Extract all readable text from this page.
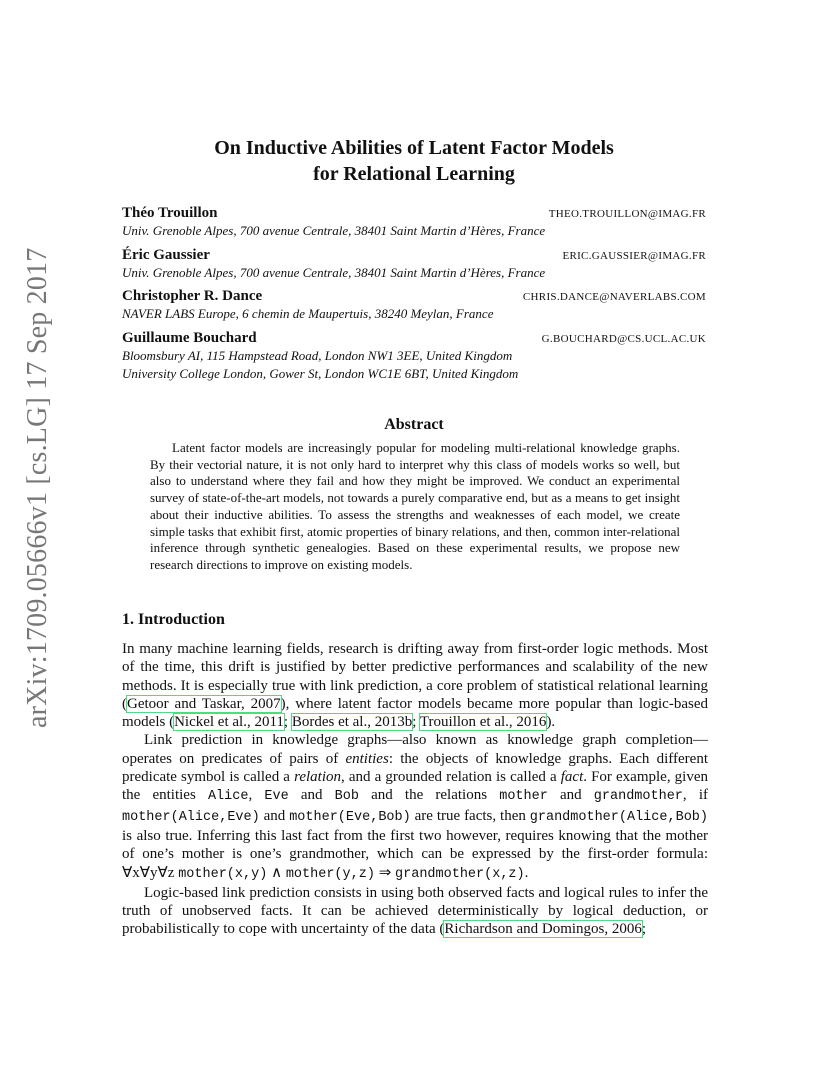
arXiv:1709.05666v1 [cs.LG] 17 Sep 2017
On Inductive Abilities of Latent Factor Models
for Relational Learning
Théo Trouillon	THEO.TROUILLON@IMAG.FR
Univ. Grenoble Alpes, 700 avenue Centrale, 38401 Saint Martin d’Hères, France
Éric Gaussier	ERIC.GAUSSIER@IMAG.FR
Univ. Grenoble Alpes, 700 avenue Centrale, 38401 Saint Martin d’Hères, France
Christopher R. Dance	CHRIS.DANCE@NAVERLABS.COM
NAVER LABS Europe, 6 chemin de Maupertuis, 38240 Meylan, France
Guillaume Bouchard	G.BOUCHARD@CS.UCL.AC.UK
Bloomsbury AI, 115 Hampstead Road, London NW1 3EE, United Kingdom
University College London, Gower St, London WC1E 6BT, United Kingdom
Abstract
Latent factor models are increasingly popular for modeling multi-relational knowledge graphs. By their vectorial nature, it is not only hard to interpret why this class of models works so well, but also to understand where they fail and how they might be improved. We conduct an experimental survey of state-of-the-art models, not towards a purely comparative end, but as a means to get insight about their inductive abilities. To assess the strengths and weaknesses of each model, we create simple tasks that exhibit first, atomic properties of binary relations, and then, common inter-relational inference through synthetic genealogies. Based on these experimental results, we propose new research directions to improve on existing models.
1. Introduction

In many machine learning fields, research is drifting away from first-order logic methods. Most of the time, this drift is justified by better predictive performances and scalability of the new methods. It is especially true with link prediction, a core problem of statistical relational learning (Getoor and Taskar, 2007), where latent factor models became more popular than logic-based models (Nickel et al., 2011; Bordes et al., 2013b; Trouillon et al., 2016).

Link prediction in knowledge graphs—also known as knowledge graph completion—operates on predicates of pairs of entities: the objects of knowledge graphs. Each different predicate symbol is called a relation, and a grounded relation is called a fact. For example, given the entities Alice, Eve and Bob and the relations mother and grandmother, if mother(Alice,Eve) and mother(Eve,Bob) are true facts, then grandmother(Alice,Bob) is also true. Inferring this last fact from the first two however, requires knowing that the mother of one’s mother is one’s grandmother, which can be expressed by the first-order formula: ∀x∀y∀z mother(x,y) ∧ mother(y,z) ⇒ grandmother(x,z).

Logic-based link prediction consists in using both observed facts and logical rules to infer the truth of unobserved facts. It can be achieved deterministically by logical deduction, or probabilistically to cope with uncertainty of the data (Richardson and Domingos, 2006;
